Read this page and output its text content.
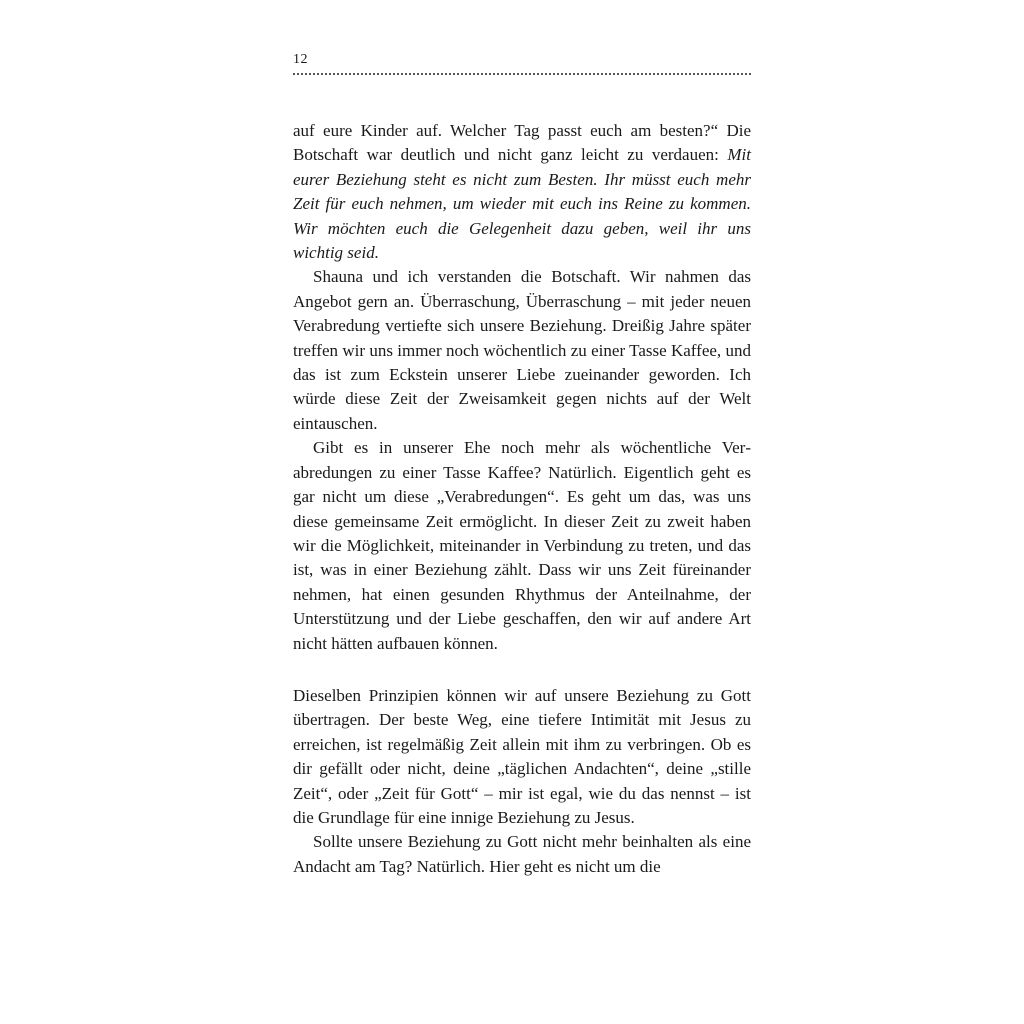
12

auf eure Kinder auf. Welcher Tag passt euch am besten?“ Die Botschaft war deutlich und nicht ganz leicht zu verdauen: Mit eurer Beziehung steht es nicht zum Besten. Ihr müsst euch mehr Zeit für euch nehmen, um wieder mit euch ins Reine zu kommen. Wir möchten euch die Gelegenheit dazu geben, weil ihr uns wichtig seid.

Shauna und ich verstanden die Botschaft. Wir nahmen das Angebot gern an. Überraschung, Überraschung – mit jeder neuen Verabredung vertiefte sich unsere Beziehung. Dreißig Jahre später treffen wir uns immer noch wöchentlich zu einer Tasse Kaffee, und das ist zum Eckstein unserer Liebe zueinander geworden. Ich würde diese Zeit der Zweisamkeit gegen nichts auf der Welt eintauschen.

Gibt es in unserer Ehe noch mehr als wöchentliche Verabredungen zu einer Tasse Kaffee? Natürlich. Eigentlich geht es gar nicht um diese „Verabredungen“. Es geht um das, was uns diese gemeinsame Zeit ermöglicht. In dieser Zeit zu zweit haben wir die Möglichkeit, miteinander in Verbindung zu treten, und das ist, was in einer Beziehung zählt. Dass wir uns Zeit füreinander nehmen, hat einen gesunden Rhythmus der Anteilnahme, der Unterstützung und der Liebe geschaffen, den wir auf andere Art nicht hätten aufbauen können.

Dieselben Prinzipien können wir auf unsere Beziehung zu Gott übertragen. Der beste Weg, eine tiefere Intimität mit Jesus zu erreichen, ist regelmäßig Zeit allein mit ihm zu verbringen. Ob es dir gefällt oder nicht, deine „täglichen Andachten“, deine „stille Zeit“, oder „Zeit für Gott“ – mir ist egal, wie du das nennst – ist die Grundlage für eine innige Beziehung zu Jesus.

Sollte unsere Beziehung zu Gott nicht mehr beinhalten als eine Andacht am Tag? Natürlich. Hier geht es nicht um die
